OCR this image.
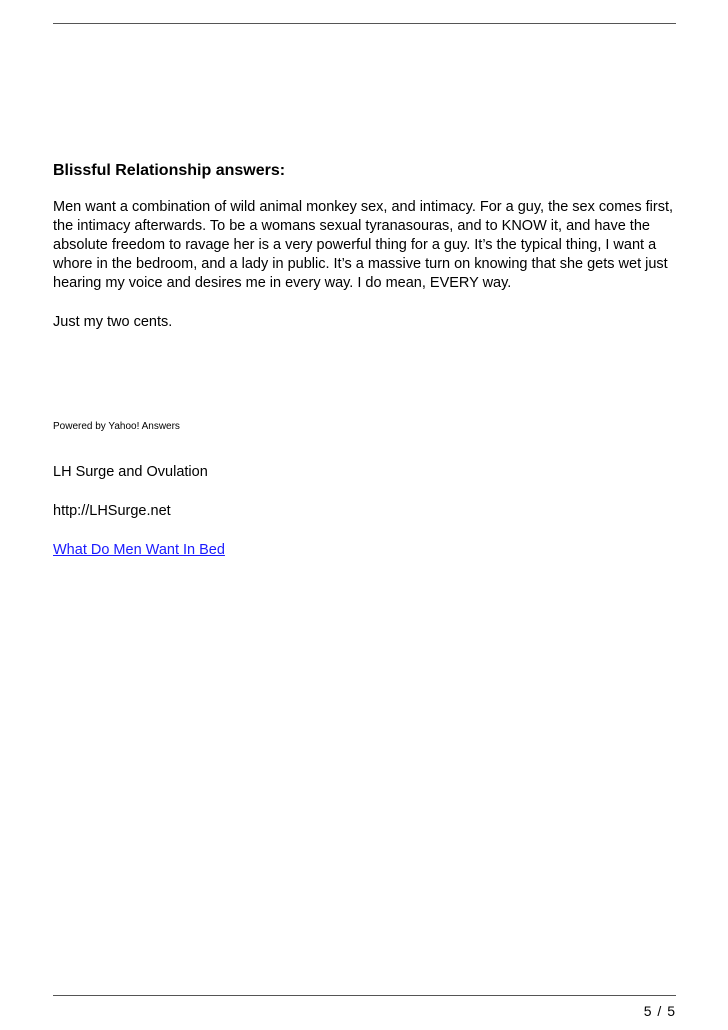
Blissful Relationship answers:

Men want a combination of wild animal monkey sex, and intimacy. For a guy, the sex comes first, the intimacy afterwards. To be a womans sexual tyranasouras, and to KNOW it, and have the absolute freedom to ravage her is a very powerful thing for a guy. It’s the typical thing, I want a whore in the bedroom, and a lady in public. It’s a massive turn on knowing that she gets wet just hearing my voice and desires me in every way. I do mean, EVERY way.

Just my two cents.

Powered by Yahoo! Answers

LH Surge and Ovulation

http://LHSurge.net

What Do Men Want In Bed

5 / 5
